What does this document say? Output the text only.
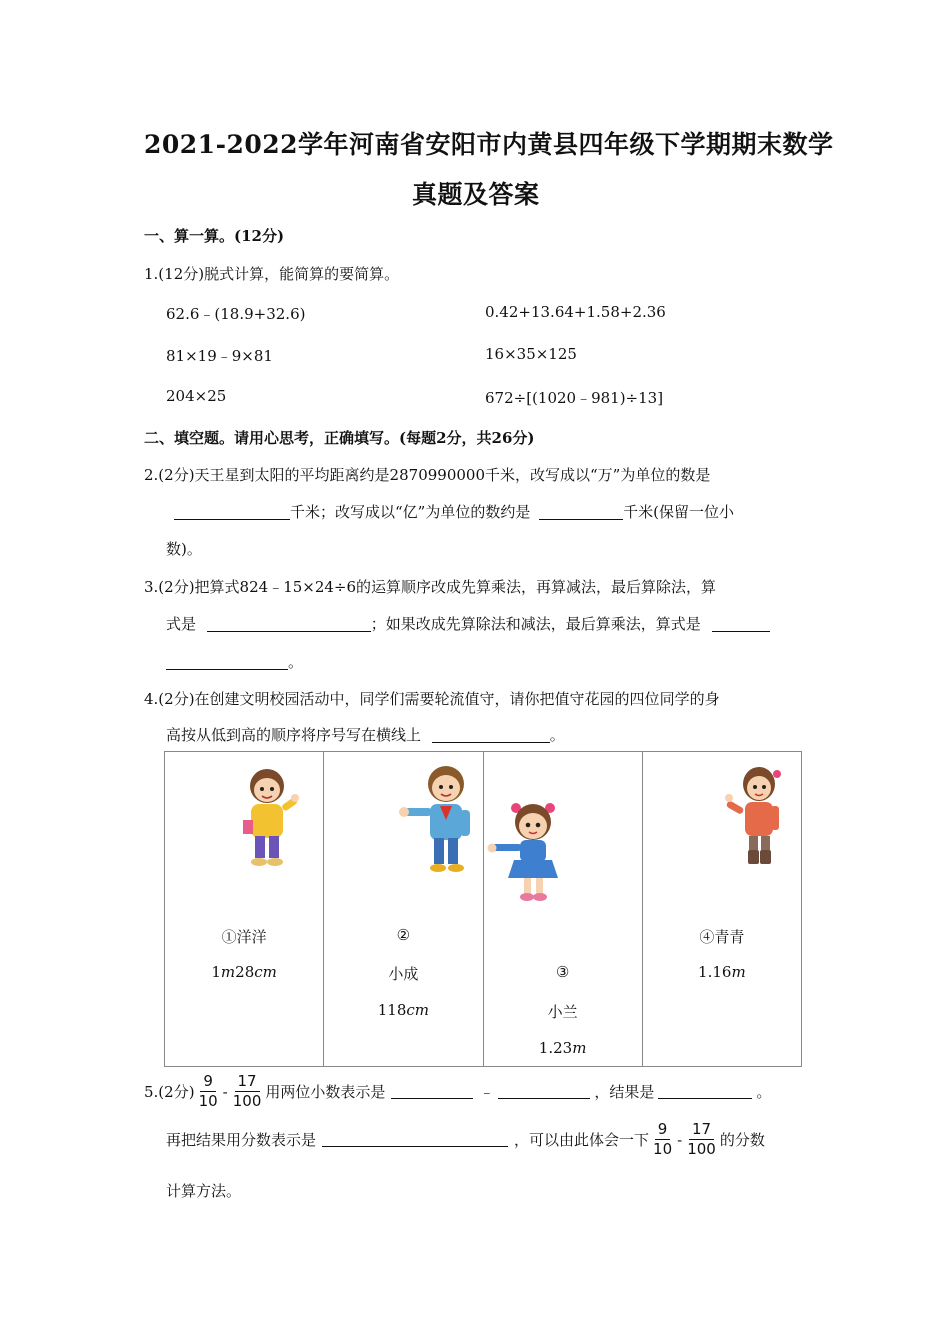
2021-2022学年河南省安阳市内黄县四年级下学期期末数学
真题及答案
一、算一算。(12分)
1.(12分)脱式计算，能简算的要简算。
62.6﹣(18.9+32.6)	0.42+13.64+1.58+2.36
81×19﹣9×81	16×35×125
204×25	672÷[(1020﹣981)÷13]
二、填空题。请用心思考，正确填写。(每题2分，共26分)
2.(2分)天王星到太阳的平均距离约是2870990000千米，改写成以“万”为单位的数是
千米；改写成以“亿”为单位的数约是	千米(保留一位小
数)。
3.(2分)把算式824﹣15×24÷6的运算顺序改成先算乘法，再算减法，最后算除法，算
式是	；如果改成先算除法和减法，最后算乘法，算式是
。
4.(2分)在创建文明校园活动中，同学们需要轮流值守，请你把值守花园的四位同学的身
高按从低到高的顺序将序号写在横线上	。
①洋洋
1m28cm

②
小成
118cm

③
小兰
1.23m

④青青
1.16m
5.(2分) $\frac{9}{10} - \frac{17}{100}$ 用两位小数表示是	﹣	，结果是	。
再把结果用分数表示是	，可以由此体会一下 $\frac{9}{10} - \frac{17}{100}$ 的分数
计算方法。
